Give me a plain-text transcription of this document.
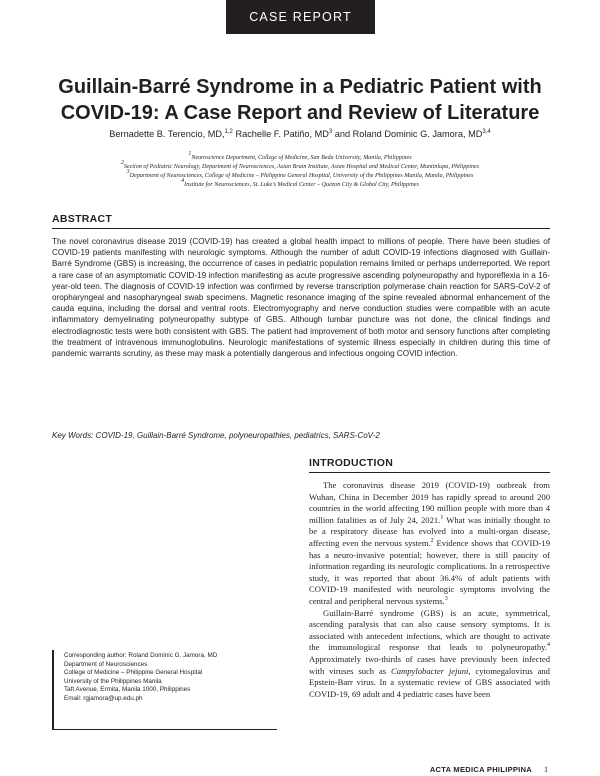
CASE REPORT
Guillain-Barré Syndrome in a Pediatric Patient with
COVID-19: A Case Report and Review of Literature
Bernadette B. Terencio, MD,$^{1,2}$ Rachelle F. Patiño, $MD^3$ and Roland Dominic G. Jamora, MD$^{3,4}$
$^1$Neuroscience Department, College of Medicine, San Beda University, Manila, Philippines
$^2$Section of Pediatric Neurology, Department of Neurosciences, Asian Brain Institute, Asian Hospital and Medical Center, Muntinlupa, Philippines
$^3$Department of Neurosciences, College of Medicine – Philippine General Hospital, University of the Philippines Manila, Manila, Philippines
$^4$Institute for Neurosciences, St. Luke's Medical Center – Quezon City & Global City, Philippines
ABSTRACT

The novel coronavirus disease 2019 (COVID-19) has created a global health impact to millions of people. There have been studies of COVID-19 patients manifesting with neurologic symptoms. Although the number of adult COVID-19 infections diagnosed with Guillain-Barré Syndrome (GBS) is increasing, the occurrence of cases in pediatric population remains limited or perhaps underreported. We report a rare case of an asymptomatic COVID-19 infection manifesting as acute progressive ascending polyneuropathy and hyporeflexia in a 16-year-old teen. The diagnosis of COVID-19 infection was confirmed by reverse transcription polymerase chain reaction for SARS-CoV-2 of oropharyngeal and nasopharyngeal swab specimens. Magnetic resonance imaging of the spine revealed abnormal enhancement of the cauda equina, including the dorsal and ventral roots. Electromyography and nerve conduction studies were compatible with an acute inflammatory demyelinating polyneuropathy subtype of GBS. Although lumbar puncture was not done, the clinical findings and electrodiagnostic tests were both consistent with GBS. The patient had improvement of both motor and sensory functions after completing the treatment of intravenous immunoglobulins. Neurologic manifestations of systemic illness especially in children during this time of pandemic warrants scrutiny, as these may mask a potentially dangerous and infectious ongoing COVID infection.

Key Words: COVID-19, Guillain-Barré Syndrome, polyneuropathies, pediatrics, SARS-CoV-2
INTRODUCTION

The coronavirus disease 2019 (COVID-19) outbreak from Wuhan, China in December 2019 has rapidly spread to around 200 countries in the world affecting 190 million people with more than 4 million fatalities as of July 24, 2021.$^1$ What was initially thought to be a respiratory disease has evolved into a multi-organ disease, affecting even the nervous system.$^2$ Evidence shows that COVID-19 has a neuro-invasive potential; however, there is still paucity of information regarding its neurologic complications. In a retrospective study, it was reported that about 36.4% of adult patients with COVID-19 manifested with neurologic symptoms involving the central and peripheral nervous systems.$^3$

Guillain-Barré syndrome (GBS) is an acute, symmetrical, ascending paralysis that can also cause sensory symptoms. It is associated with antecedent infections, which are thought to activate the immunological response that leads to polyneuropathy.$^4$ Approximately two-thirds of cases have previously been infected with viruses such as Campylobacter jejuni, cytomegalovirus and Epstein-Barr virus. In a systematic review of GBS associated with COVID-19, 69 adult and 4 pediatric cases have been

Corresponding author: Roland Dominic G. Jamora, MD
Department of Neurosciences
College of Medicine – Philippine General Hospital
University of the Philippines Manila
Taft Avenue, Ermita, Manila 1000, Philippines
Email: rgjamora@up.edu.ph
ACTA MEDICA PHILIPPINA 1
